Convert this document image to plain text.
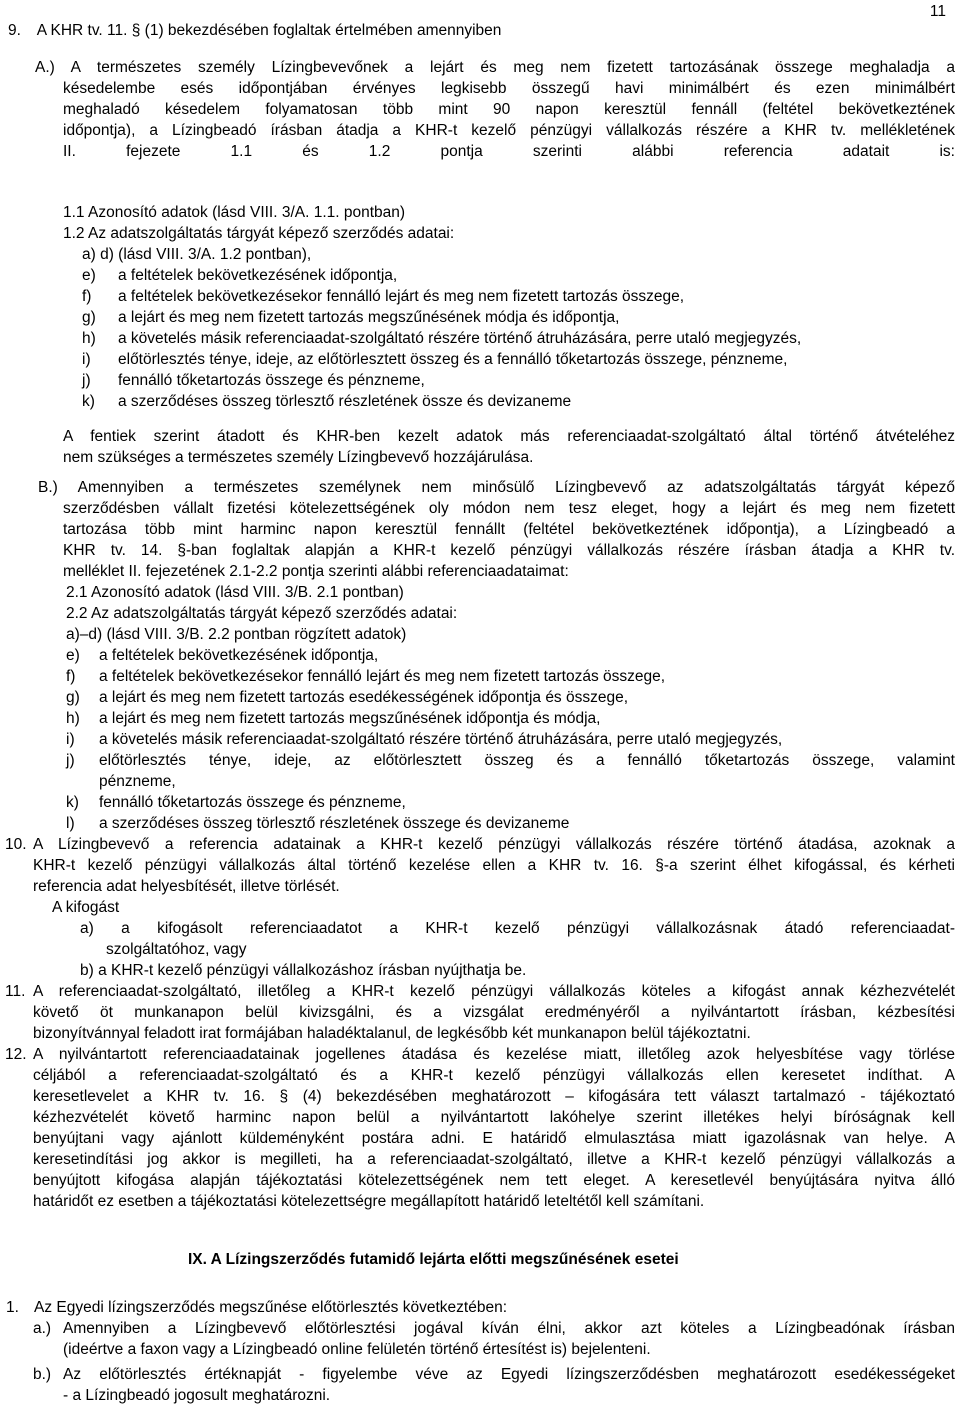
11
9. A KHR tv. 11. § (1) bekezdésében foglaltak értelmében amennyiben
A.) A természetes személy Lízingbevevőnek a lejárt és meg nem fizetett tartozásának összege meghaladja a
késedelembe esés időpontjában érvényes legkisebb összegű havi minimálbért és ezen minimálbért
meghaladó késedelem folyamatosan több mint 90 napon keresztül fennáll (feltétel bekövetkeztének
időpontja), a Lízingbeadó írásban átadja a KHR-t kezelő pénzügyi vállalkozás részére a KHR tv. mellékletének
II. fejezete 1.1 és 1.2 pontja szerinti alábbi referencia adatait is:
1.1 Azonosító adatok (lásd VIII. 3/A. 1.1. pontban)
1.2 Az adatszolgáltatás tárgyát képező szerződés adatai:
a) d) (lásd VIII. 3/A. 1.2 pontban),
e) a feltételek bekövetkezésének időpontja,
f) a feltételek bekövetkezésekor fennálló lejárt és meg nem fizetett tartozás összege,
g) a lejárt és meg nem fizetett tartozás megszűnésének módja és időpontja,
h) a követelés másik referenciaadat-szolgáltató részére történő átruházására, perre utaló megjegyzés,
i) előtörlesztés ténye, ideje, az előtörlesztett összeg és a fennálló tőketartozás összege, pénzneme,
j) fennálló tőketartozás összege és pénzneme,
k) a szerződéses összeg törlesztő részletének össze és devizaneme
A fentiek szerint átadott és KHR-ben kezelt adatok más referenciaadat-szolgáltató által történő átvételéhez
nem szükséges a természetes személy Lízingbevevő hozzájárulása.
B.) Amennyiben a természetes személynek nem minősülő Lízingbevevő az adatszolgáltatás tárgyát képező
szerződésben vállalt fizetési kötelezettségének oly módon nem tesz eleget, hogy a lejárt és meg nem fizetett
tartozása több mint harminc napon keresztül fennállt (feltétel bekövetkeztének időpontja), a Lízingbeadó a
KHR tv. 14. §-ban foglaltak alapján a KHR-t kezelő pénzügyi vállalkozás részére írásban átadja a KHR tv.
melléklet II. fejezetének 2.1-2.2 pontja szerinti alábbi referenciaadataimat:
2.1 Azonosító adatok (lásd VIII. 3/B. 2.1 pontban)
2.2 Az adatszolgáltatás tárgyát képező szerződés adatai:
a)–d) (lásd VIII. 3/B. 2.2 pontban rögzített adatok)
e) a feltételek bekövetkezésének időpontja,
f) a feltételek bekövetkezésekor fennálló lejárt és meg nem fizetett tartozás összege,
g) a lejárt és meg nem fizetett tartozás esedékességének időpontja és összege,
h) a lejárt és meg nem fizetett tartozás megszűnésének időpontja és módja,
i) a követelés másik referenciaadat-szolgáltató részére történő átruházására, perre utaló megjegyzés,
j) előtörlesztés ténye, ideje, az előtörlesztett összeg és a fennálló tőketartozás összege, valamint
pénzneme,
k) fennálló tőketartozás összege és pénzneme,
l) a szerződéses összeg törlesztő részletének összege és devizaneme
10. A Lízingbevevő a referencia adatainak a KHR-t kezelő pénzügyi vállalkozás részére történő átadása, azoknak a
KHR-t kezelő pénzügyi vállalkozás által történő kezelése ellen a KHR tv. 16. §-a szerint élhet kifogással, és kérheti
referencia adat helyesbítését, illetve törlését.
A kifogást
a) a kifogásolt referenciaadatot a KHR-t kezelő pénzügyi vállalkozásnak átadó referenciaadat-
szolgáltatóhoz, vagy
b) a KHR-t kezelő pénzügyi vállalkozáshoz írásban nyújthatja be.
11. A referenciaadat-szolgáltató, illetőleg a KHR-t kezelő pénzügyi vállalkozás köteles a kifogást annak kézhezvételét
követő öt munkanapon belül kivizsgálni, és a vizsgálat eredményéről a nyilvántartott írásban, kézbesítési
bizonyítvánnyal feladott irat formájában haladéktalanul, de legkésőbb két munkanapon belül tájékoztatni.
12. A nyilvántartott referenciaadatainak jogellenes átadása és kezelése miatt, illetőleg azok helyesbítése vagy törlése
céljából a referenciaadat-szolgáltató és a KHR-t kezelő pénzügyi vállalkozás ellen keresetet indíthat. A
keresetlevelet a KHR tv. 16. § (4) bekezdésében meghatározott – kifogására tett választ tartalmazó - tájékoztató
kézhezvételét követő harminc napon belül a nyilvántartott lakóhelye szerint illetékes helyi bíróságnak kell
benyújtani vagy ajánlott küldeményként postára adni. E határidő elmulasztása miatt igazolásnak van helye. A
keresetindítási jog akkor is megilleti, ha a referenciaadat-szolgáltató, illetve a KHR-t kezelő pénzügyi vállalkozás a
benyújtott kifogása alapján tájékoztatási kötelezettségének nem tett eleget. A keresetlevél benyújtására nyitva álló
határidőt ez esetben a tájékoztatási kötelezettségre megállapított határidő leteltétől kell számítani.
IX. A Lízingszerződés futamidő lejárta előtti megszűnésének esetei
1. Az Egyedi lízingszerződés megszűnése előtörlesztés következtében:
a.) Amennyiben a Lízingbevevő előtörlesztési jogával kíván élni, akkor azt köteles a Lízingbeadónak írásban
(ideértve a faxon vagy a Lízingbeadó online felületén történő értesítést is) bejelenteni.
b.) Az előtörlesztés értéknapját - figyelembe véve az Egyedi lízingszerződésben meghatározott esedékességeket
- a Lízingbeadó jogosult meghatározni.
